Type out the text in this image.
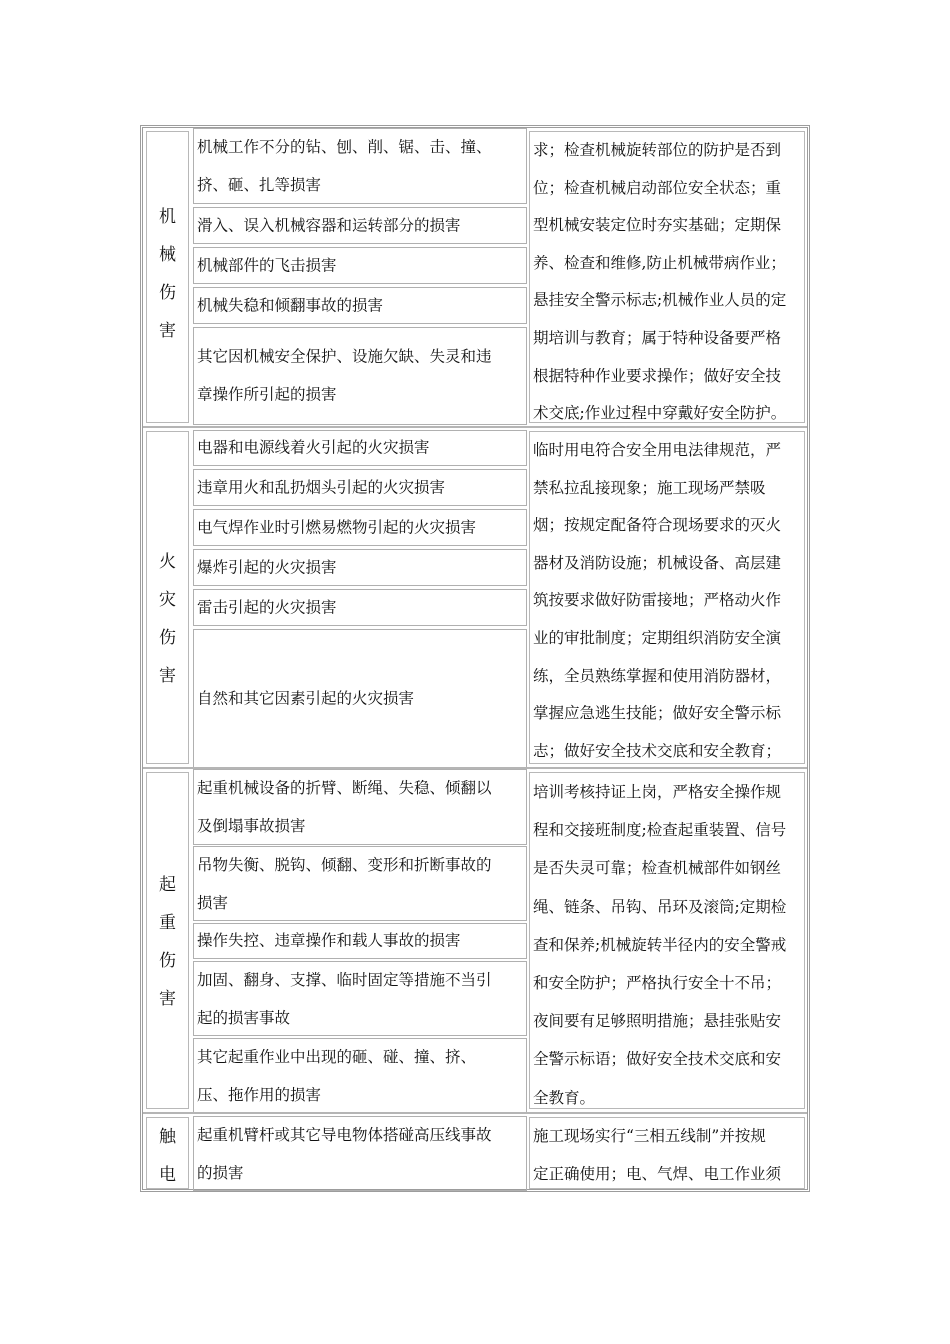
机
械
伤
害
机械工作不分的钻、刨、削、锯、击、撞、
挤、砸、扎等损害
滑入、误入机械容器和运转部分的损害
机械部件的飞击损害
机械失稳和倾翻事故的损害
其它因机械安全保护、设施欠缺、失灵和违
章操作所引起的损害
求；检查机械旋转部位的防护是否到
位；检查机械启动部位安全状态；重
型机械安装定位时夯实基础；定期保
养、检查和维修,防止机械带病作业；
悬挂安全警示标志;机械作业人员的定
期培训与教育；属于特种设备要严格
根据特种作业要求操作；做好安全技
术交底;作业过程中穿戴好安全防护。
火
灾
伤
害
电器和电源线着火引起的火灾损害
违章用火和乱扔烟头引起的火灾损害
电气焊作业时引燃易燃物引起的火灾损害
爆炸引起的火灾损害
雷击引起的火灾损害
自然和其它因素引起的火灾损害
临时用电符合安全用电法律规范，严
禁私拉乱接现象；施工现场严禁吸
烟；按规定配备符合现场要求的灭火
器材及消防设施；机械设备、高层建
筑按要求做好防雷接地；严格动火作
业的审批制度；定期组织消防安全演
练，全员熟练掌握和使用消防器材，
掌握应急逃生技能；做好安全警示标
志；做好安全技术交底和安全教育；
起
重
伤
害
起重机械设备的折臂、断绳、失稳、倾翻以
及倒塌事故损害
吊物失衡、脱钩、倾翻、变形和折断事故的
损害
操作失控、违章操作和载人事故的损害
加固、翻身、支撑、临时固定等措施不当引
起的损害事故
其它起重作业中出现的砸、碰、撞、挤、
压、拖作用的损害
培训考核持证上岗，严格安全操作规
程和交接班制度;检查起重装置、信号
是否失灵可靠；检查机械部件如钢丝
绳、链条、吊钩、吊环及滚筒;定期检
查和保养;机械旋转半径内的安全警戒
和安全防护；严格执行安全十不吊；
夜间要有足够照明措施；悬挂张贴安
全警示标语；做好安全技术交底和安
全教育。
触
电
起重机臂杆或其它导电物体搭碰高压线事故
的损害
施工现场实行“三相五线制”并按规
定正确使用；电、气焊、电工作业须
